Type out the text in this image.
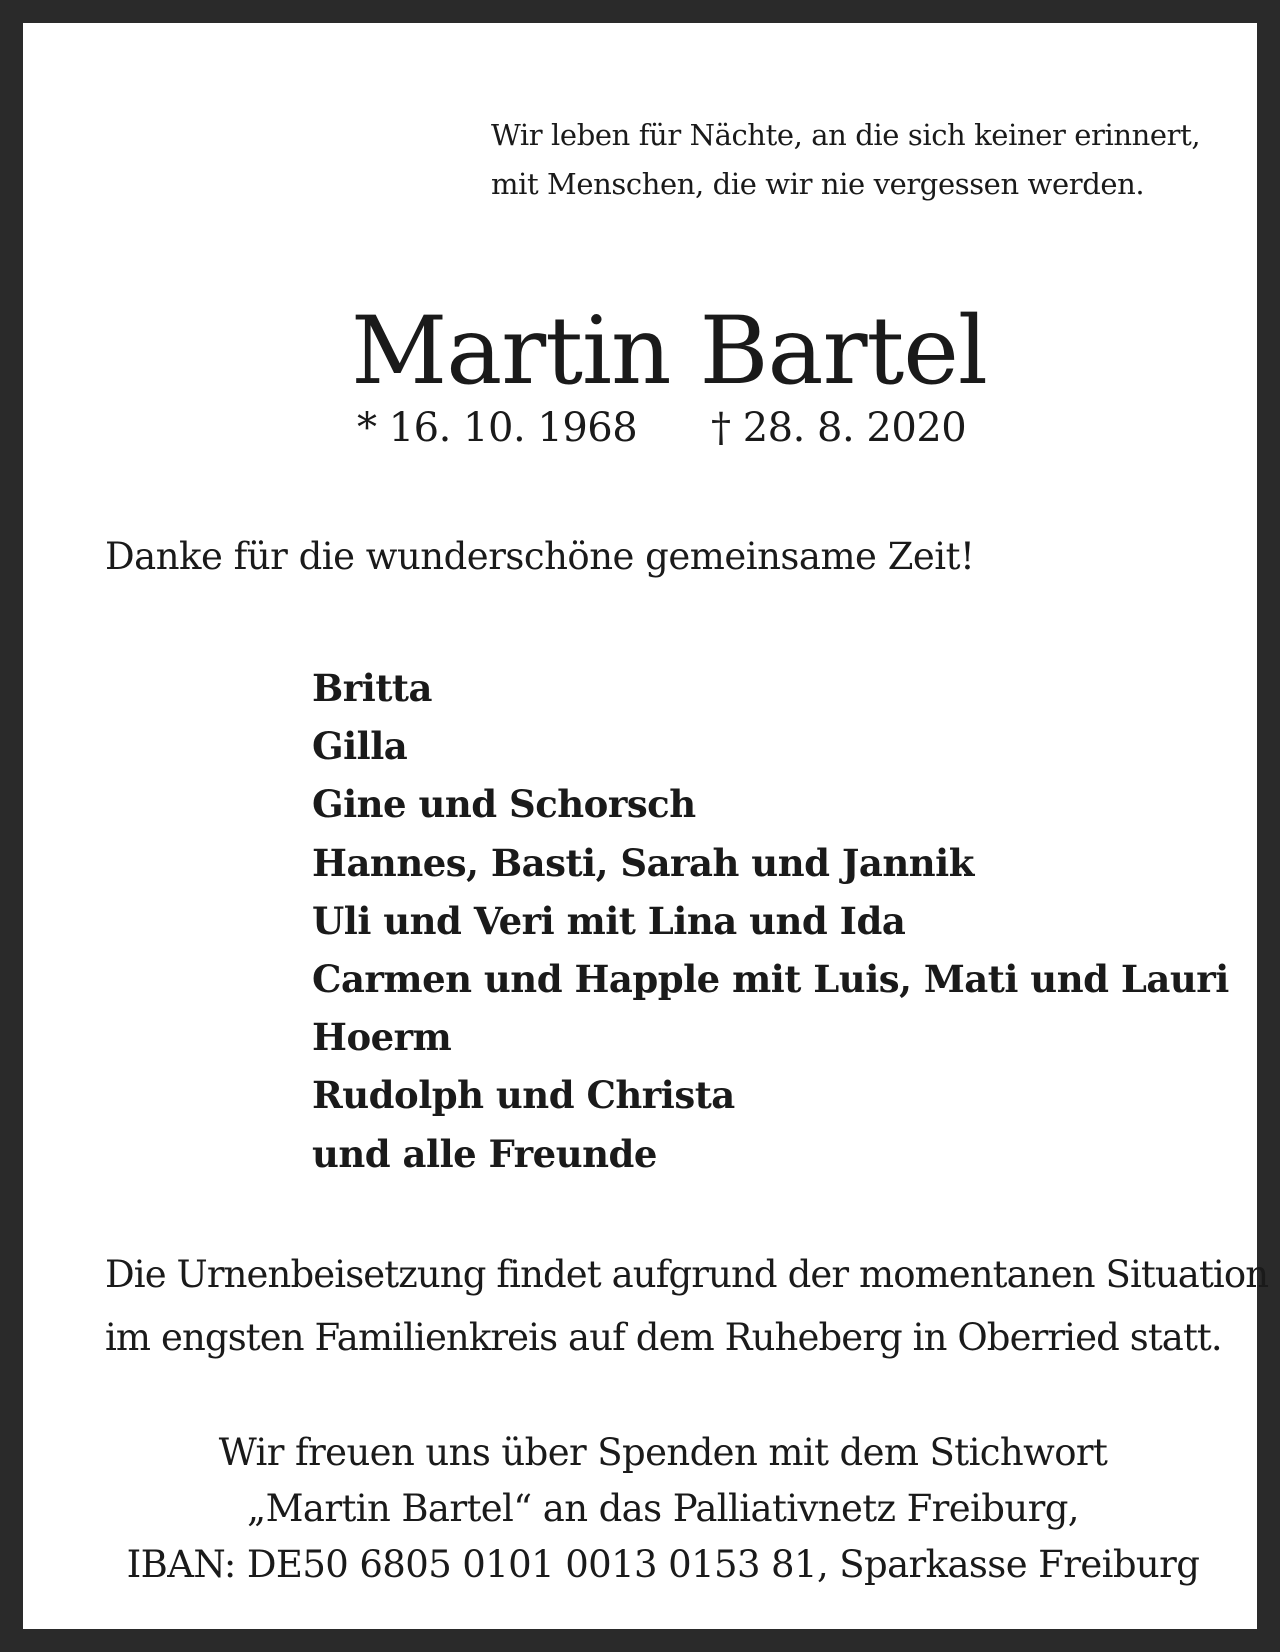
Wir leben für Nächte, an die sich keiner erinnert,
mit Menschen, die wir nie vergessen werden.
Martin Bartel
* 16. 10. 1968 † 28. 8. 2020
Danke für die wunderschöne gemeinsame Zeit!
Britta
Gilla
Gine und Schorsch
Hannes, Basti, Sarah und Jannik
Uli und Veri mit Lina und Ida
Carmen und Happle mit Luis, Mati und Lauri
Hoerm
Rudolph und Christa
und alle Freunde
Die Urnenbeisetzung findet aufgrund der momentanen Situation
im engsten Familienkreis auf dem Ruheberg in Oberried statt.
Wir freuen uns über Spenden mit dem Stichwort
„Martin Bartel“ an das Palliativnetz Freiburg,
IBAN: DE50 6805 0101 0013 0153 81, Sparkasse Freiburg
